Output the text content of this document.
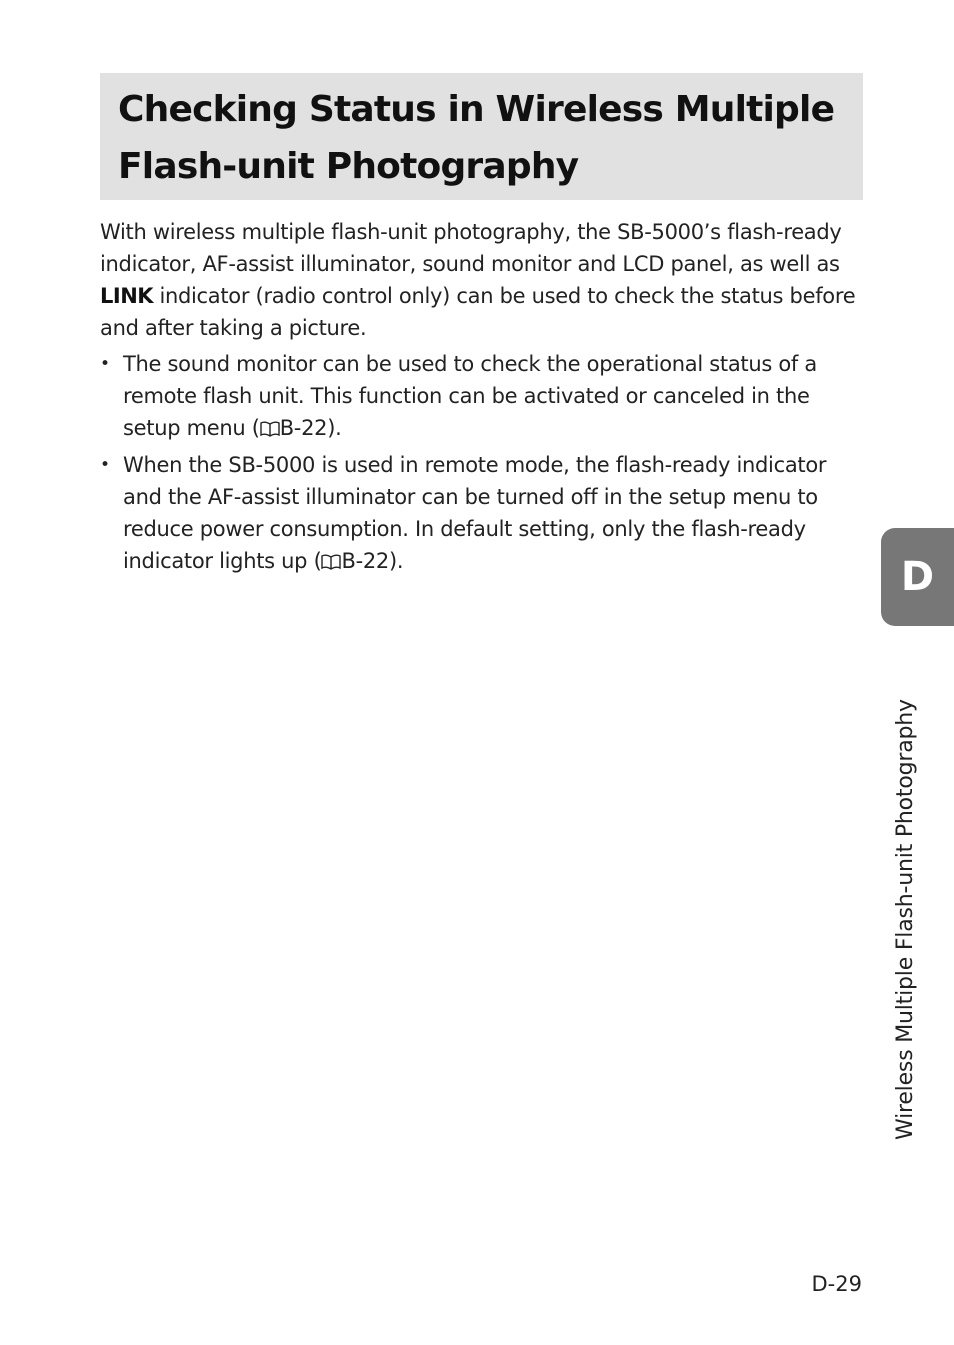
Checking Status in Wireless Multiple Flash-unit Photography

With wireless multiple flash-unit photography, the SB-5000’s flash-ready indicator, AF-assist illuminator, sound monitor and LCD panel, as well as
LINK indicator (radio control only) can be used to check the status before and after taking a picture.

• The sound monitor can be used to check the operational status of a remote flash unit. This function can be activated or canceled in the setup menu ( B-22).
• When the SB-5000 is used in remote mode, the flash-ready indicator and the AF-assist illuminator can be turned off in the setup menu to reduce power consumption. In default setting, only the flash-ready indicator lights up ( B-22).	D
Wireless Multiple Flash-unit Photography
D-29
